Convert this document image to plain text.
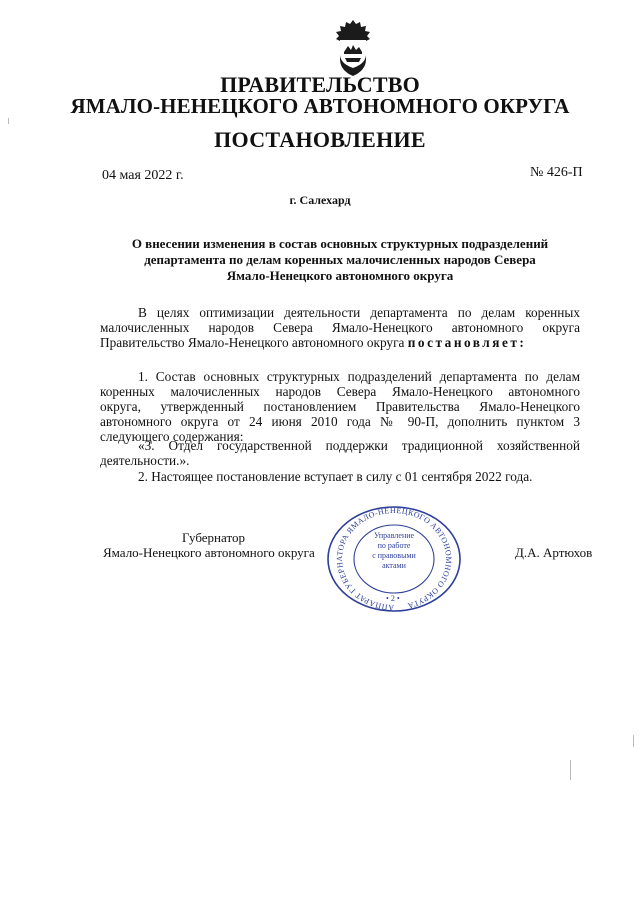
ПРАВИТЕЛЬСТВО
ЯМАЛО-НЕНЕЦКОГО АВТОНОМНОГО ОКРУГА
ПОСТАНОВЛЕНИЕ
04 мая 2022 г.	№ 426-П
г. Салехард
О внесении изменения в состав основных структурных подразделений
департамента по делам коренных малочисленных народов Севера
Ямало-Ненецкого автономного округа
В целях оптимизации деятельности департамента по делам коренных
малочисленных народов Севера Ямало-Ненецкого автономного округа
Правительство Ямало-Ненецкого автономного округа постановляет:
1. Состав основных структурных подразделений департамента по делам
коренных малочисленных народов Севера Ямало-Ненецкого автономного
округа, утвержденный постановлением Правительства Ямало-Ненецкого
автономного округа от 24 июня 2010 года № 90-П, дополнить пунктом 3
следующего содержания:
«3. Отдел государственной поддержки традиционной хозяйственной
деятельности.».
2. Настоящее постановление вступает в силу с 01 сентября 2022 года.
Губернатор
Ямало-Ненецкого автономного округа	Д.А. Артюхов
АППАРАТ ГУБЕРНАТОРА ЯМАЛО-НЕНЕЦКОГО АВТОНОМНОГО ОКРУГА
• 2 •
Управление
по работе
с правовыми
актами
